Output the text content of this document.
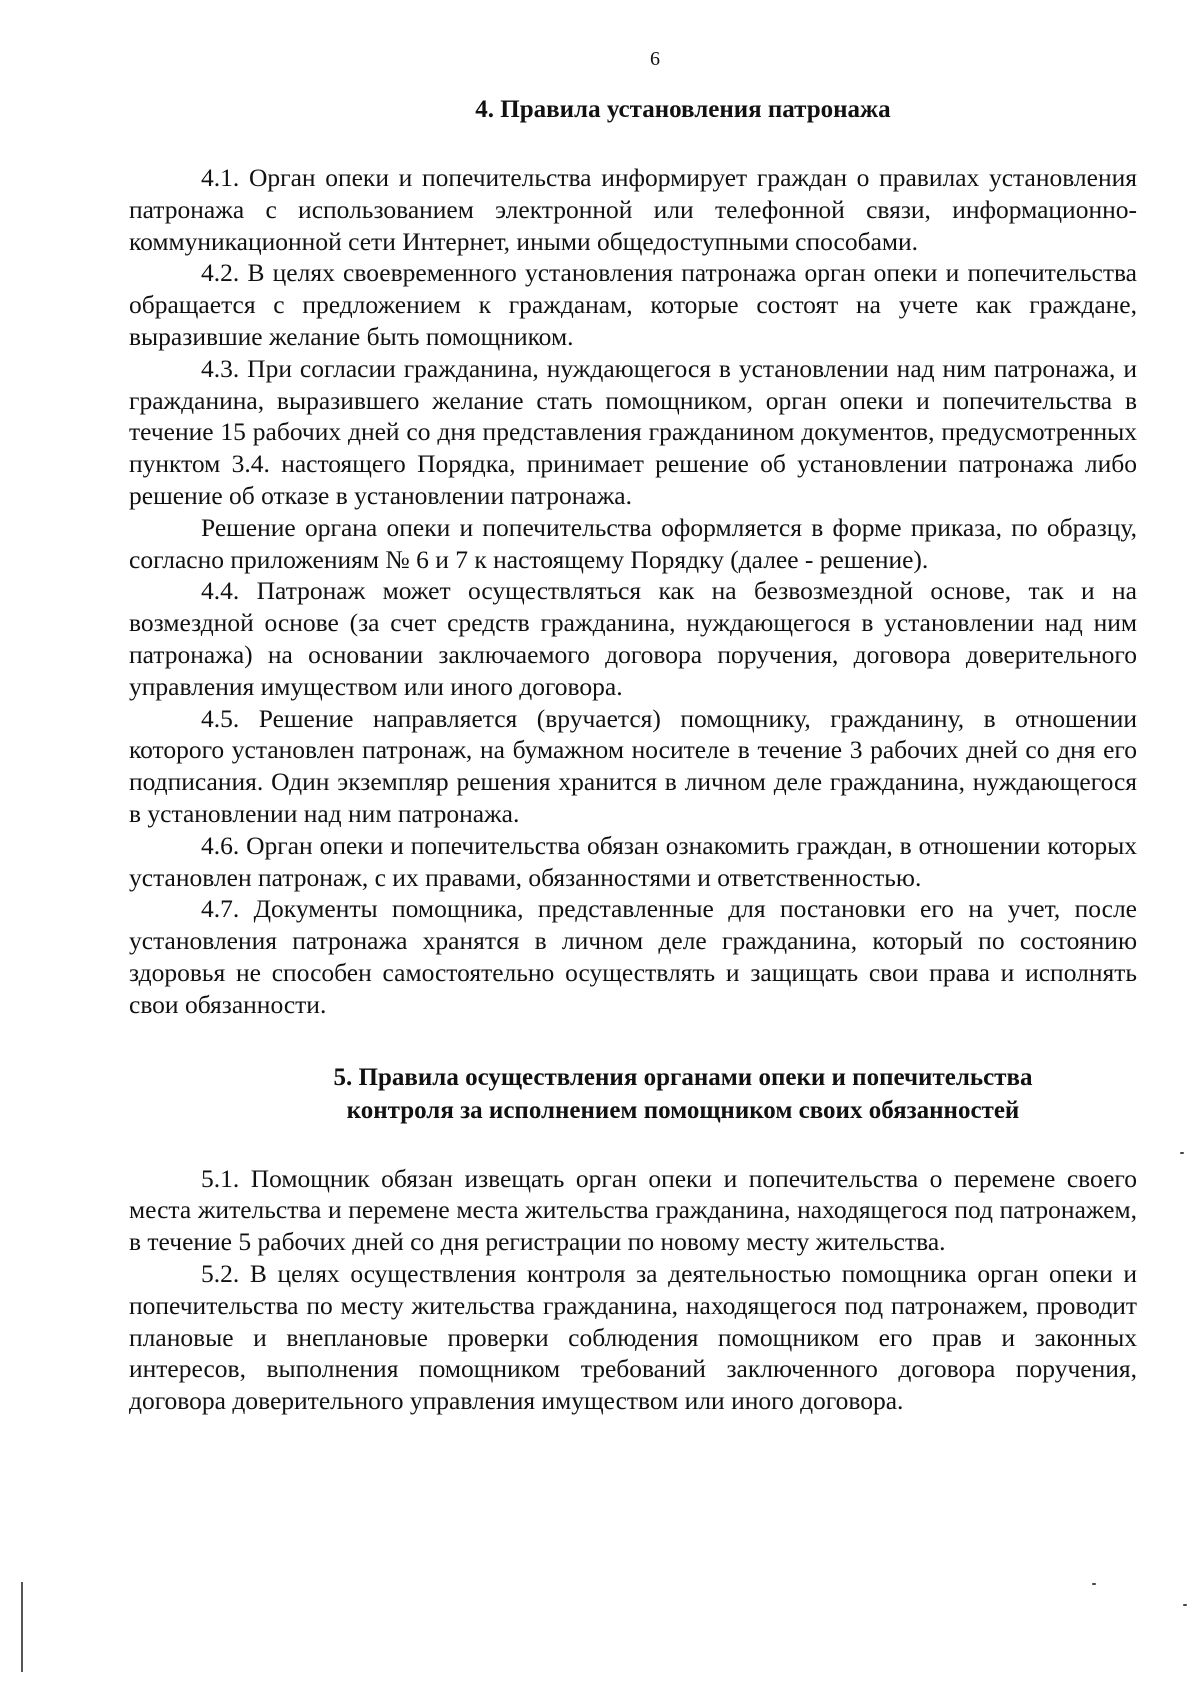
6
4. Правила установления патронажа

4.1. Орган опеки и попечительства информирует граждан о правилах установления патронажа с использованием электронной или телефонной связи, информационно-коммуникационной сети Интернет, иными общедоступными способами.

4.2. В целях своевременного установления патронажа орган опеки и попечительства обращается с предложением к гражданам, которые состоят на учете как граждане, выразившие желание быть помощником.

4.3. При согласии гражданина, нуждающегося в установлении над ним патронажа, и гражданина, выразившего желание стать помощником, орган опеки и попечительства в течение 15 рабочих дней со дня представления гражданином документов, предусмотренных пунктом 3.4. настоящего Порядка, принимает решение об установлении патронажа либо решение об отказе в установлении патронажа.

Решение органа опеки и попечительства оформляется в форме приказа, по образцу, согласно приложениям № 6 и 7 к настоящему Порядку (далее - решение).

4.4. Патронаж может осуществляться как на безвозмездной основе, так и на возмездной основе (за счет средств гражданина, нуждающегося в установлении над ним патронажа) на основании заключаемого договора поручения, договора доверительного управления имуществом или иного договора.

4.5. Решение направляется (вручается) помощнику, гражданину, в отношении которого установлен патронаж, на бумажном носителе в течение 3 рабочих дней со дня его подписания. Один экземпляр решения хранится в личном деле гражданина, нуждающегося в установлении над ним патронажа.

4.6. Орган опеки и попечительства обязан ознакомить граждан, в отношении которых установлен патронаж, с их правами, обязанностями и ответственностью.

4.7. Документы помощника, представленные для постановки его на учет, после установления патронажа хранятся в личном деле гражданина, который по состоянию здоровья не способен самостоятельно осуществлять и защищать свои права и исполнять свои обязанности.

5. Правила осуществления органами опеки и попечительства
контроля за исполнением помощником своих обязанностей

5.1. Помощник обязан извещать орган опеки и попечительства о перемене своего места жительства и перемене места жительства гражданина, находящегося под патронажем, в течение 5 рабочих дней со дня регистрации по новому месту жительства.

5.2. В целях осуществления контроля за деятельностью помощника орган опеки и попечительства по месту жительства гражданина, находящегося под патронажем, проводит плановые и внеплановые проверки соблюдения помощником его прав и законных интересов, выполнения помощником требований заключенного договора поручения, договора доверительного управления имуществом или иного договора.
